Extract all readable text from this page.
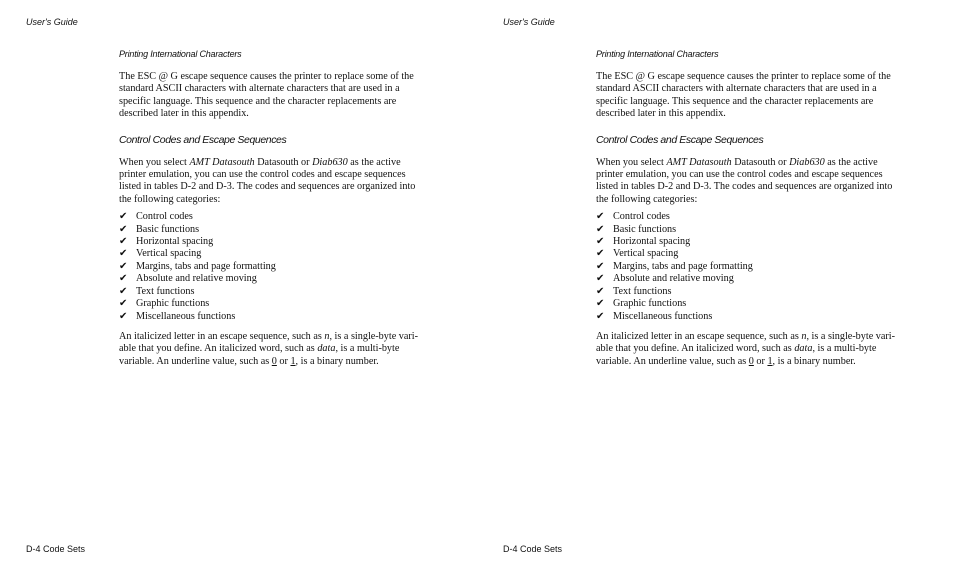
User's Guide
Printing International Characters

The ESC @ G escape sequence causes the printer to replace some of the standard ASCII characters with alternate characters that are used in a specific language. This sequence and the character replacements are described later in this appendix.

Control Codes and Escape Sequences

When you select AMT Datasouth Datasouth or Diab630 as the active printer emulation, you can use the control codes and escape sequences listed in tables D-2 and D-3. The codes and sequences are organized into the following categories:

✔ Control codes
✔ Basic functions
✔ Horizontal spacing
✔ Vertical spacing
✔ Margins, tabs and page formatting
✔ Absolute and relative moving
✔ Text functions
✔ Graphic functions
✔ Miscellaneous functions

An italicized letter in an escape sequence, such as n, is a single-byte vari-able that you define. An italicized word, such as data, is a multi-byte variable. An underline value, such as 0 or 1, is a binary number.

D-4 Code Sets
User's Guide
Printing International Characters

The ESC @ G escape sequence causes the printer to replace some of the standard ASCII characters with alternate characters that are used in a specific language. This sequence and the character replacements are described later in this appendix.

Control Codes and Escape Sequences

When you select AMT Datasouth Datasouth or Diab630 as the active printer emulation, you can use the control codes and escape sequences listed in tables D-2 and D-3. The codes and sequences are organized into the following categories:

✔ Control codes
✔ Basic functions
✔ Horizontal spacing
✔ Vertical spacing
✔ Margins, tabs and page formatting
✔ Absolute and relative moving
✔ Text functions
✔ Graphic functions
✔ Miscellaneous functions

An italicized letter in an escape sequence, such as n, is a single-byte vari-able that you define. An italicized word, such as data, is a multi-byte variable. An underline value, such as 0 or 1, is a binary number.

D-4 Code Sets
